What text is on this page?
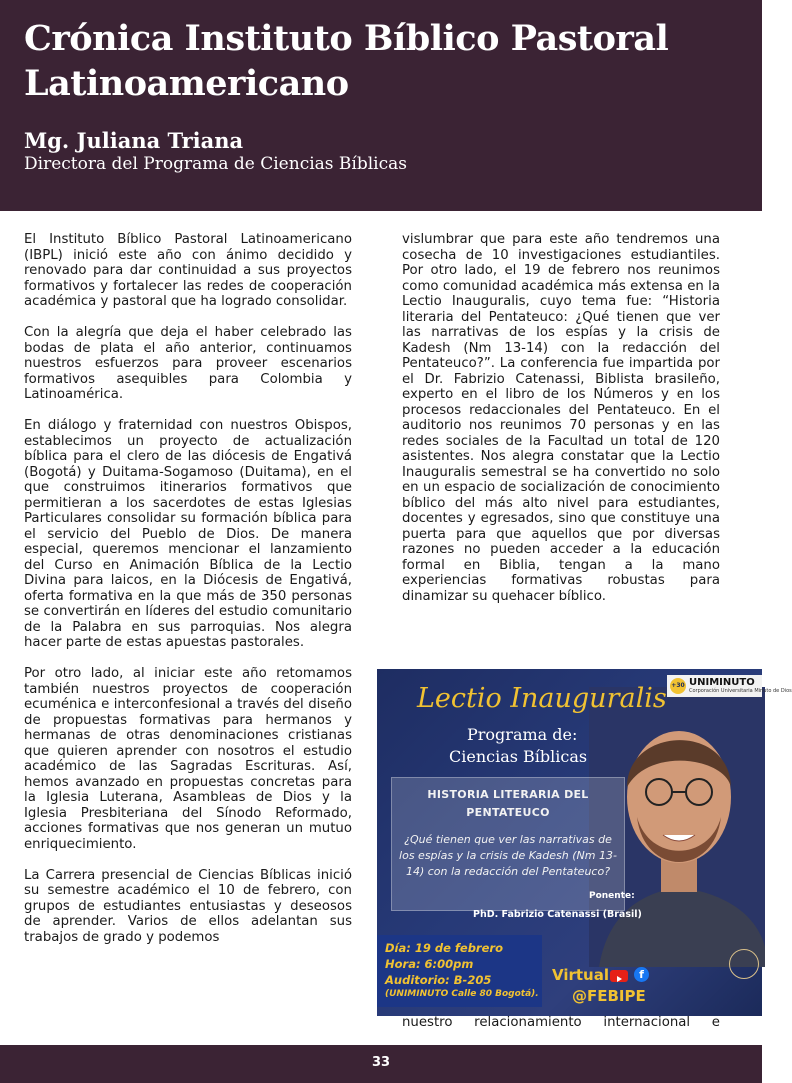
Crónica Instituto Bíblico Pastoral Latinoamericano
Mg. Juliana Triana
Directora del Programa de Ciencias Bíblicas

El Instituto Bíblico Pastoral Latinoamericano (IBPL) inició este año con ánimo decidido y renovado para dar continuidad a sus proyectos formativos y fortalecer las redes de cooperación académica y pastoral que ha logrado consolidar.

Con la alegría que deja el haber celebrado las bodas de plata el año anterior, continuamos nuestros esfuerzos para proveer escenarios formativos asequibles para Colombia y Latinoamérica.

En diálogo y fraternidad con nuestros Obispos, establecimos un proyecto de actualización bíblica para el clero de las diócesis de Engativá (Bogotá) y Duitama-Sogamoso (Duitama), en el que construimos itinerarios formativos que permitieran a los sacerdotes de estas Iglesias Particulares consolidar su formación bíblica para el servicio del Pueblo de Dios. De manera especial, queremos mencionar el lanzamiento del Curso en Animación Bíblica de la Lectio Divina para laicos, en la Diócesis de Engativá, oferta formativa en la que más de 350 personas se convertirán en líderes del estudio comunitario de la Palabra en sus parroquias. Nos alegra hacer parte de estas apuestas pastorales.

Por otro lado, al iniciar este año retomamos también nuestros proyectos de cooperación ecuménica e interconfesional a través del diseño de propuestas formativas para hermanos y hermanas de otras denominaciones cristianas que quieren aprender con nosotros el estudio académico de las Sagradas Escrituras. Así, hemos avanzado en propuestas concretas para la Iglesia Luterana, Asambleas de Dios y la Iglesia Presbiteriana del Sínodo Reformado, acciones formativas que nos generan un mutuo enriquecimiento.

La Carrera presencial de Ciencias Bíblicas inició su semestre académico el 10 de febrero, con grupos de estudiantes entusiastas y deseosos de aprender. Varios de ellos adelantan sus trabajos de grado y podemos

vislumbrar que para este año tendremos una cosecha de 10 investigaciones estudiantiles. Por otro lado, el 19 de febrero nos reunimos como comunidad académica más extensa en la Lectio Inauguralis, cuyo tema fue: “Historia literaria del Pentateuco: ¿Qué tienen que ver las narrativas de los espías y la crisis de Kadesh (Nm 13-14) con la redacción del Pentateuco?”. La conferencia fue impartida por el Dr. Fabrizio Catenassi, Biblista brasileño, experto en el libro de los Números y en los procesos redaccionales del Pentateuco. En el auditorio nos reunimos 70 personas y en las redes sociales de la Facultad un total de 120 asistentes. Nos alegra constatar que la Lectio Inauguralis semestral se ha convertido no solo en un espacio de socialización de conocimiento bíblico del más alto nivel para estudiantes, docentes y egresados, sino que constituye una puerta para que aquellos que por diversas razones no pueden acceder a la educación formal en Biblia, tengan a la mano experiencias formativas robustas para dinamizar su quehacer bíblico.

+30 UNIMINUTO
Corporación Universitaria Minuto de Dios
Lectio Inauguralis
Programa de:
Ciencias Bíblicas
HISTORIA LITERARIA DEL PENTATEUCO
¿Qué tienen que ver las narrativas de los espías y la crisis de Kadesh (Nm 13-14) con la redacción del Pentateuco?
Ponente:
PhD. Fabrizio Catenassi (Brasil)
Día: 19 de febrero
Hora: 6:00pm
Auditorio: B-205
(UNIMINUTO Calle 80 Bogotá).
Virtual	f
@FEBIPE
nuestro relacionamiento internacional e
33
